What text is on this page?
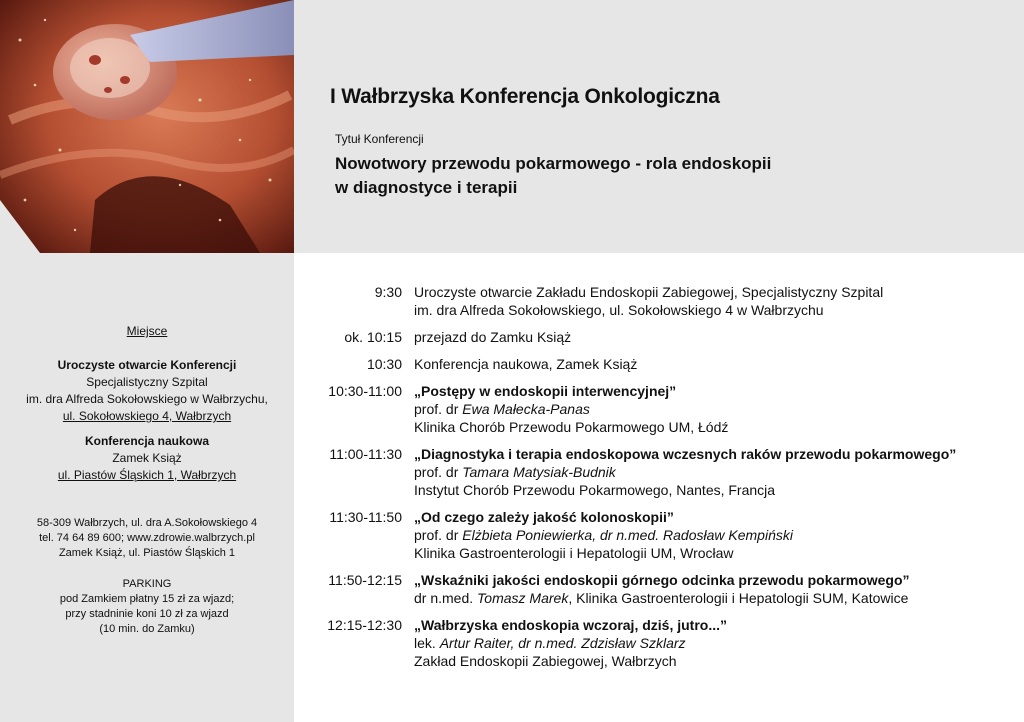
I Wałbrzyska Konferencja Onkologiczna
Tytuł Konferencji
Nowotwory przewodu pokarmowego - rola endoskopii
w diagnostyce i terapii
Miejsce
Uroczyste otwarcie Konferencji
Specjalistyczny Szpital
im. dra Alfreda Sokołowskiego w Wałbrzychu,
ul. Sokołowskiego 4, Wałbrzych
Konferencja naukowa
Zamek Książ
ul. Piastów Śląskich 1, Wałbrzych
58-309 Wałbrzych, ul. dra A.Sokołowskiego 4
tel. 74 64 89 600; www.zdrowie.walbrzych.pl
Zamek Książ, ul. Piastów Śląskich 1
PARKING
pod Zamkiem płatny 15 zł za wjazd;
przy stadninie koni 10 zł za wjazd
(10 min. do Zamku)
9:30 Uroczyste otwarcie Zakładu Endoskopii Zabiegowej, Specjalistyczny Szpital
im. dra Alfreda Sokołowskiego, ul. Sokołowskiego 4 w Wałbrzychu
ok. 10:15 przejazd do Zamku Książ
10:30 Konferencja naukowa, Zamek Książ
10:30-11:00 „Postępy w endoskopii interwencyjnej”
prof. dr Ewa Małecka-Panas
Klinika Chorób Przewodu Pokarmowego UM, Łódź
11:00-11:30 „Diagnostyka i terapia endoskopowa wczesnych raków przewodu pokarmowego”
prof. dr Tamara Matysiak-Budnik
Instytut Chorób Przewodu Pokarmowego, Nantes, Francja
11:30-11:50 „Od czego zależy jakość kolonoskopii”
prof. dr Elżbieta Poniewierka, dr n.med. Radosław Kempiński
Klinika Gastroenterologii i Hepatologii UM, Wrocław
11:50-12:15 „Wskaźniki jakości endoskopii górnego odcinka przewodu pokarmowego”
dr n.med. Tomasz Marek, Klinika Gastroenterologii i Hepatologii SUM, Katowice
12:15-12:30 „Wałbrzyska endoskopia wczoraj, dziś, jutro...”
lek. Artur Raiter, dr n.med. Zdzisław Szklarz
Zakład Endoskopii Zabiegowej, Wałbrzych
